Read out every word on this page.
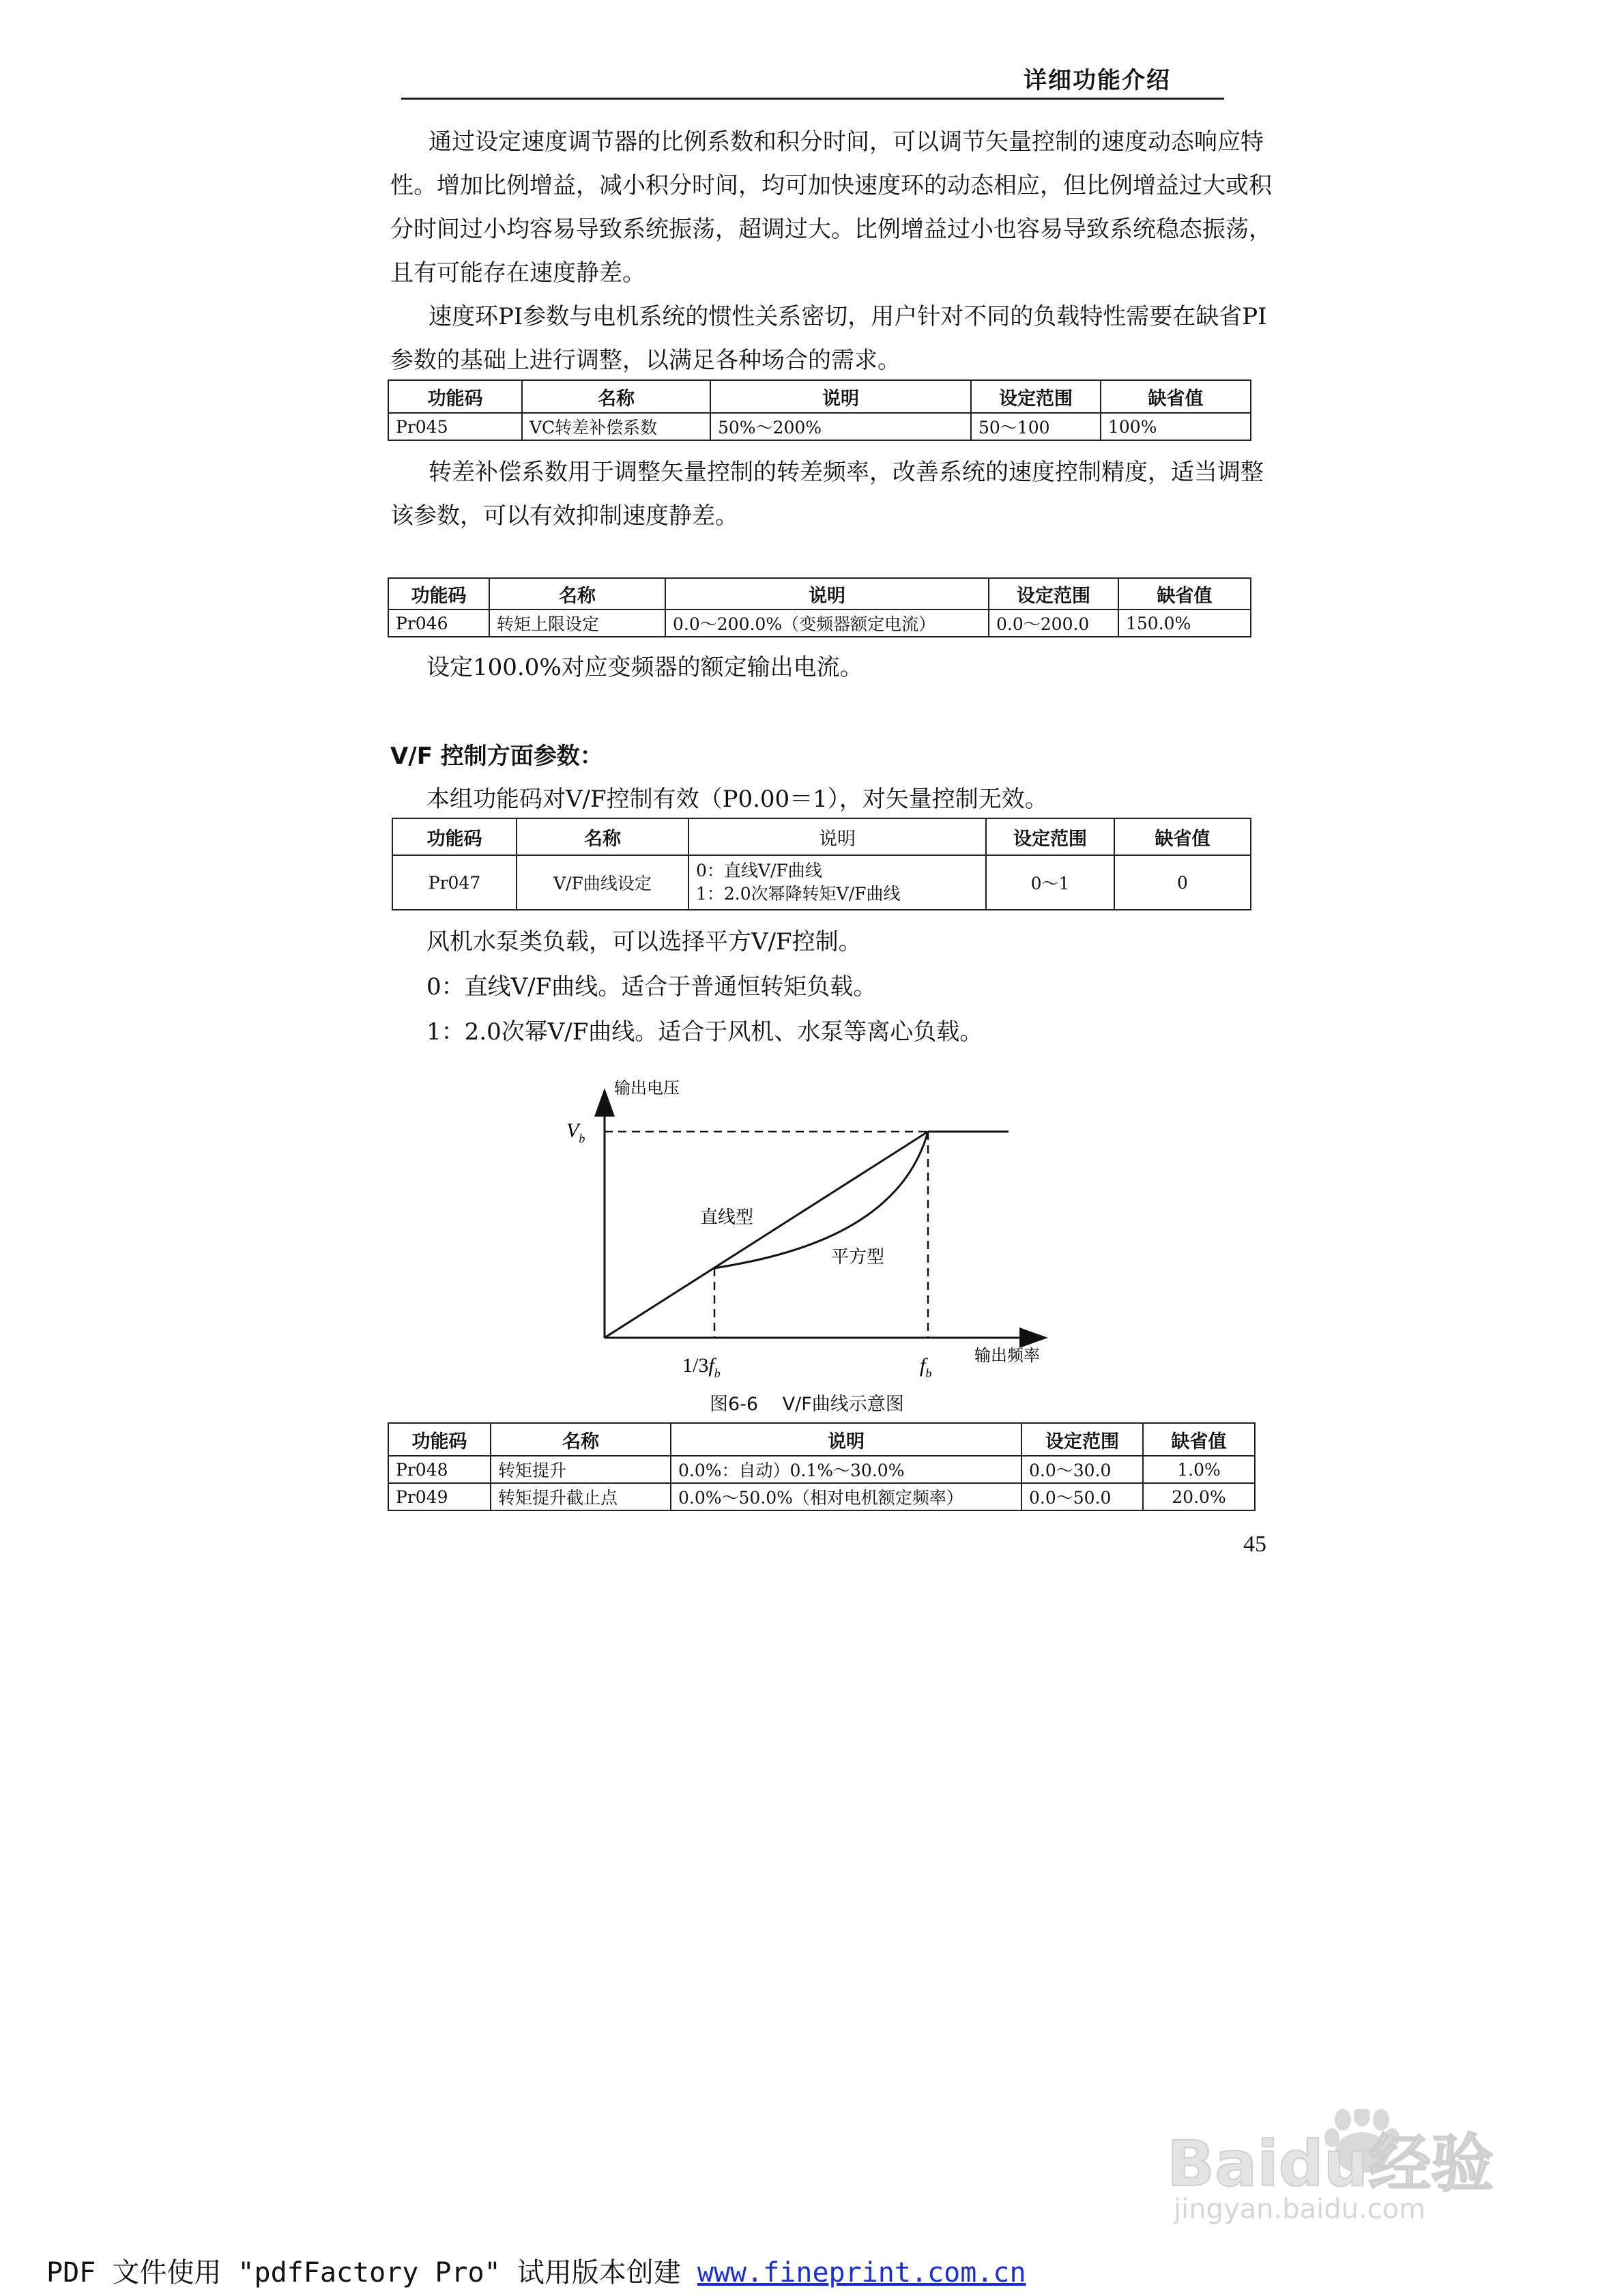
详细功能介绍

通过设定速度调节器的比例系数和积分时间，可以调节矢量控制的速度动态响应特性。增加比例增益，减小积分时间，均可加快速度环的动态相应，但比例增益过大或积分时间过小均容易导致系统振荡，超调过大。比例增益过小也容易导致系统稳态振荡，且有可能存在速度静差。

速度环PI参数与电机系统的惯性关系密切，用户针对不同的负载特性需要在缺省PI参数的基础上进行调整，以满足各种场合的需求。

功能码	名称	说明	设定范围	缺省值
Pr045	VC转差补偿系数	50%～200%	50～100	100%

转差补偿系数用于调整矢量控制的转差频率，改善系统的速度控制精度，适当调整该参数，可以有效抑制速度静差。

功能码	名称	说明	设定范围	缺省值
Pr046	转矩上限设定	0.0～200.0%（变频器额定电流）	0.0～200.0	150.0%
设定100.0%对应变频器的额定输出电流。
V/F 控制方面参数：
本组功能码对V/F控制有效（P0.00＝1），对矢量控制无效。
功能码	名称	说明	设定范围	缺省值
Pr047	V/F曲线设定	0：直线V/F曲线
1：2.0次幂降转矩V/F曲线	0～1	0
风机水泵类负载，可以选择平方V/F控制。
0：直线V/F曲线。适合于普通恒转矩负载。
1：2.0次幂V/F曲线。适合于风机、水泵等离心负载。
输出电压
$V_b$
直线型
平方型
$1/3f_b$	$f_b$
输出频率
图6-6　 V/F曲线示意图
功能码	名称	说明	设定范围	缺省值
Pr048	转矩提升	0.0%：自动）0.1%～30.0%	0.0～30.0	1.0%
Pr049	转矩提升截止点	0.0%～50.0%（相对电机额定频率）	0.0～50.0	20.0%
45
Baidu经验
jingyan.baidu.com
PDF 文件使用 "pdfFactory Pro" 试用版本创建 www.fineprint.com.cn
